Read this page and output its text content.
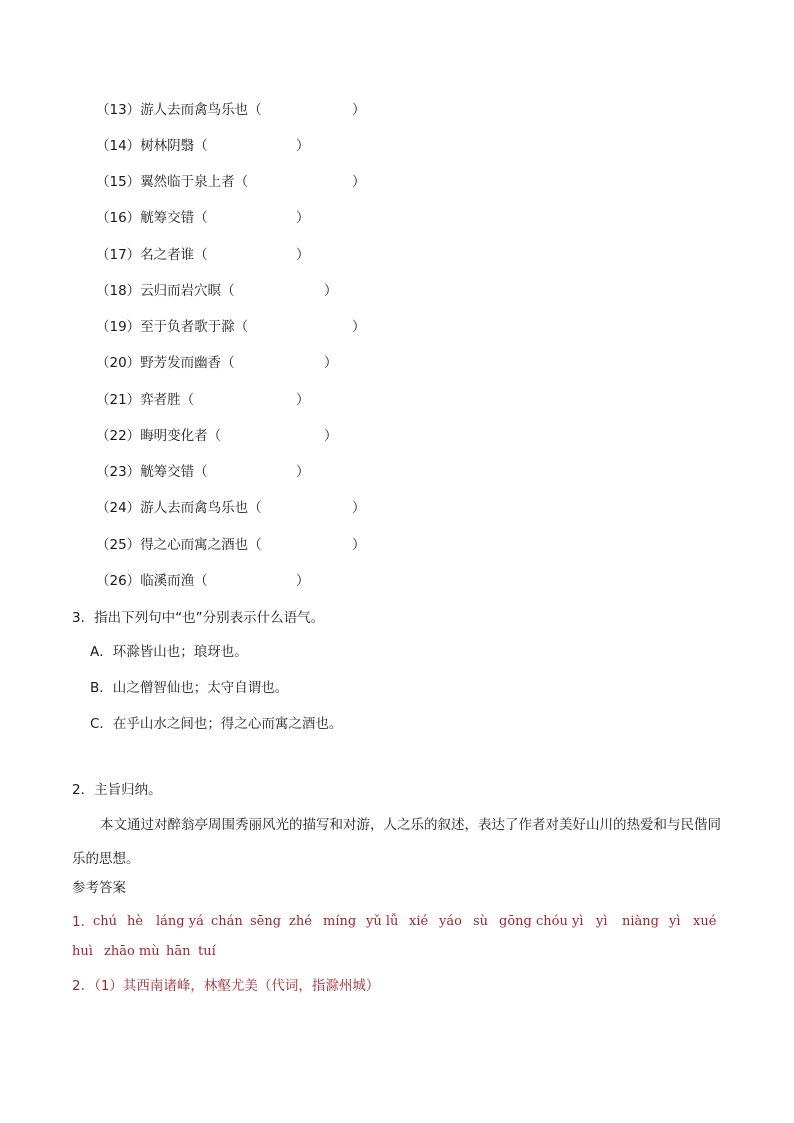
（13）游人去而禽鸟乐也（	）
（14）树林阴翳（	）
（15）翼然临于泉上者（	）
（16）觥筹交错（	）
（17）名之者谁（	）
（18）云归而岩穴暝（	）
（19）至于负者歌于滁（	）
（20）野芳发而幽香（	）
（21）弈者胜（	）
（22）晦明变化者（	）
（23）觥筹交错（	）
（24）游人去而禽鸟乐也（	）
（25）得之心而寓之酒也（	）
（26）临溪而渔（	）
3．指出下列句中“也”分别表示什么语气。
A．环滁皆山也；琅玡也。
B．山之僧智仙也；太守自谓也。
C．在乎山水之间也；得之心而寓之酒也。
2．主旨归纳。
本文通过对醉翁亭周围秀丽风光的描写和对游，人之乐的叙述，表达了作者对美好山川的热爱和与民偕同乐的思想。
参考答案
1．
chú hè láng yá chán sēng zhé míng yǔ lǚ xié yáo sù gōng chóu yì yì niàng yì xué
huì zhāo mù hān tuí
2．（1）其西南诸峰，林壑尤美（代词，指滁州城）
